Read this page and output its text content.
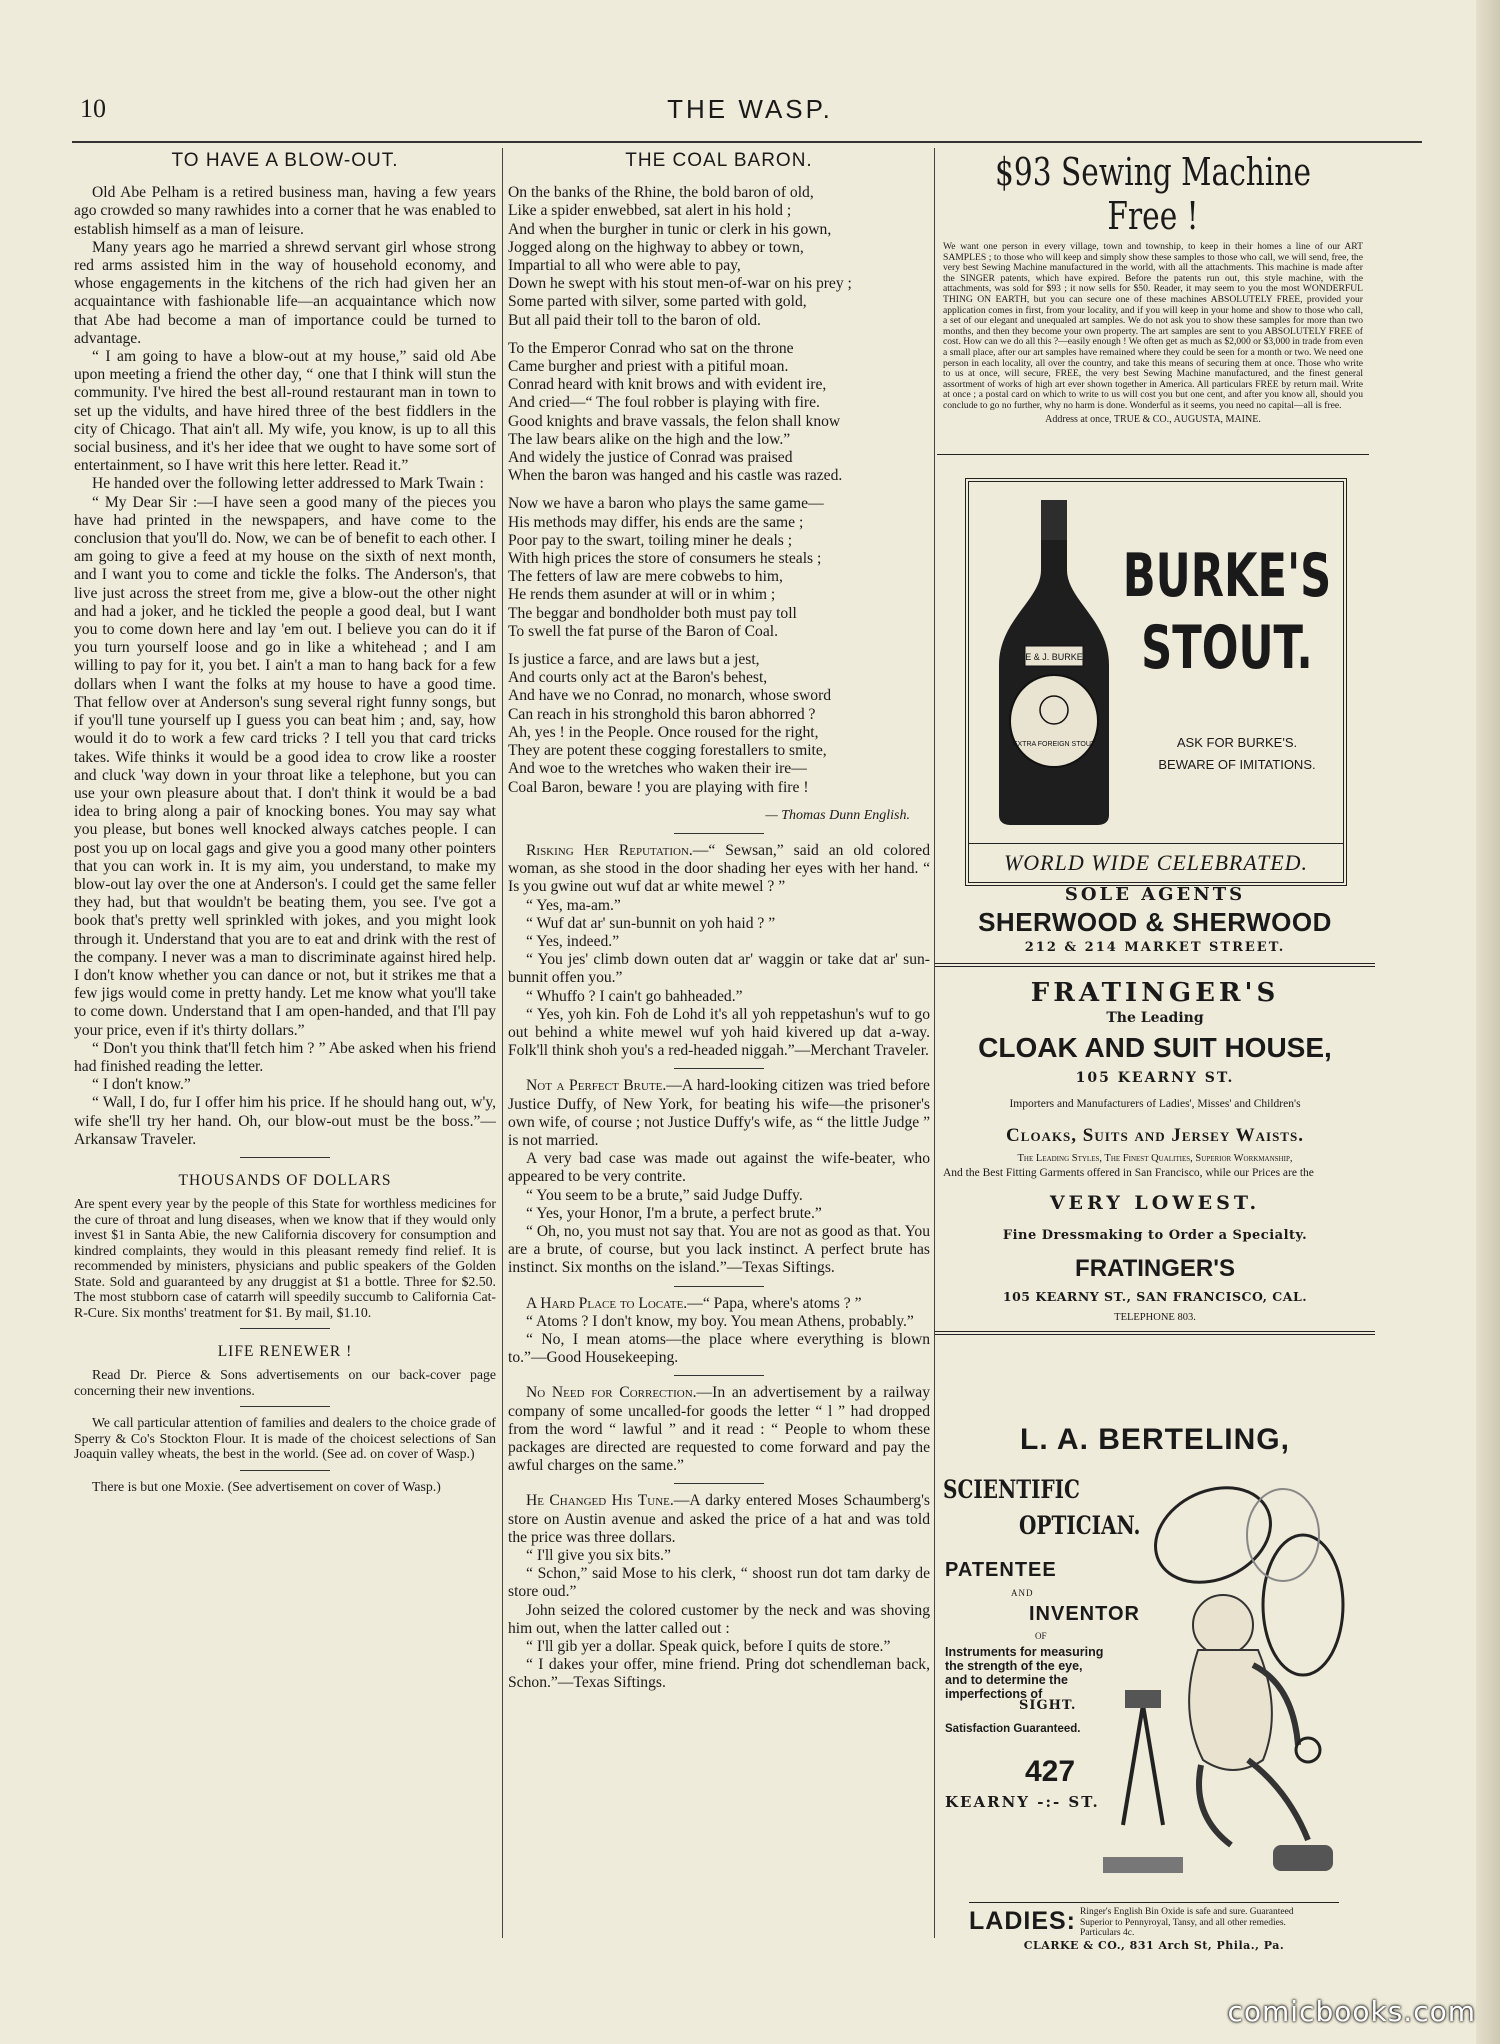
THE WASP.
10
TO HAVE A BLOW-OUT.

Old Abe Pelham is a retired business man, having a few years ago crowded so many rawhides into a corner that he was enabled to establish himself as a man of leisure.

Many years ago he married a shrewd servant girl whose strong red arms assisted him in the way of household economy, and whose engagements in the kitchens of the rich had given her an acquaintance with fashionable life—an acquaintance which now that Abe had become a man of importance could be turned to advantage.

“ I am going to have a blow-out at my house,” said old Abe upon meeting a friend the other day, “ one that I think will stun the community. I've hired the best all-round restaurant man in town to set up the vidults, and have hired three of the best fiddlers in the city of Chicago. That ain't all. My wife, you know, is up to all this social business, and it's her idee that we ought to have some sort of entertainment, so I have writ this here letter. Read it.”

He handed over the following letter addressed to Mark Twain :

“ My Dear Sir :—I have seen a good many of the pieces you have had printed in the newspapers, and have come to the conclusion that you'll do. Now, we can be of benefit to each other. I am going to give a feed at my house on the sixth of next month, and I want you to come and tickle the folks. The Anderson's, that live just across the street from me, give a blow-out the other night and had a joker, and he tickled the people a good deal, but I want you to come down here and lay 'em out. I believe you can do it if you turn yourself loose and go in like a whitehead ; and I am willing to pay for it, you bet. I ain't a man to hang back for a few dollars when I want the folks at my house to have a good time. That fellow over at Anderson's sung several right funny songs, but if you'll tune yourself up I guess you can beat him ; and, say, how would it do to work a few card tricks ? I tell you that card tricks takes. Wife thinks it would be a good idea to crow like a rooster and cluck 'way down in your throat like a telephone, but you can use your own pleasure about that. I don't think it would be a bad idea to bring along a pair of knocking bones. You may say what you please, but bones well knocked always catches people. I can post you up on local gags and give you a good many other pointers that you can work in. It is my aim, you understand, to make my blow-out lay over the one at Anderson's. I could get the same feller they had, but that wouldn't be beating them, you see. I've got a book that's pretty well sprinkled with jokes, and you might look through it. Understand that you are to eat and drink with the rest of the company. I never was a man to discriminate against hired help. I don't know whether you can dance or not, but it strikes me that a few jigs would come in pretty handy. Let me know what you'll take to come down. Understand that I am open-handed, and that I'll pay your price, even if it's thirty dollars.”

“ Don't you think that'll fetch him ? ” Abe asked when his friend had finished reading the letter.

“ I don't know.”

“ Wall, I do, fur I offer him his price. If he should hang out, w'y, wife she'll try her hand. Oh, our blow-out must be the boss.”—Arkansaw Traveler.

THOUSANDS OF DOLLARS

Are spent every year by the people of this State for worthless medicines for the cure of throat and lung diseases, when we know that if they would only invest $1 in Santa Abie, the new California discovery for consumption and kindred complaints, they would in this pleasant remedy find relief. It is recommended by ministers, physicians and public speakers of the Golden State. Sold and guaranteed by any druggist at $1 a bottle. Three for $2.50. The most stubborn case of catarrh will speedily succumb to California Cat-R-Cure. Six months' treatment for $1. By mail, $1.10.

LIFE RENEWER !

Read Dr. Pierce & Sons advertisements on our back-cover page concerning their new inventions.

We call particular attention of families and dealers to the choice grade of Sperry & Co's Stockton Flour. It is made of the choicest selections of San Joaquin valley wheats, the best in the world. (See ad. on cover of Wasp.)

There is but one Moxie. (See advertisement on cover of Wasp.)

THE COAL BARON.

On the banks of the Rhine, the bold baron of old,

Like a spider enwebbed, sat alert in his hold ;

And when the burgher in tunic or clerk in his gown,

Jogged along on the highway to abbey or town,

Impartial to all who were able to pay,

Down he swept with his stout men-of-war on his prey ;

Some parted with silver, some parted with gold,

But all paid their toll to the baron of old.

To the Emperor Conrad who sat on the throne

Came burgher and priest with a pitiful moan.

Conrad heard with knit brows and with evident ire,

And cried—“ The foul robber is playing with fire.

Good knights and brave vassals, the felon shall know

The law bears alike on the high and the low.”

And widely the justice of Conrad was praised

When the baron was hanged and his castle was razed.

Now we have a baron who plays the same game—

His methods may differ, his ends are the same ;

Poor pay to the swart, toiling miner he deals ;

With high prices the store of consumers he steals ;

The fetters of law are mere cobwebs to him,

He rends them asunder at will or in whim ;

The beggar and bondholder both must pay toll

To swell the fat purse of the Baron of Coal.

Is justice a farce, and are laws but a jest,

And courts only act at the Baron's behest,

And have we no Conrad, no monarch, whose sword

Can reach in his stronghold this baron abhorred ?

Ah, yes ! in the People. Once roused for the right,

They are potent these cogging forestallers to smite,

And woe to the wretches who waken their ire—

Coal Baron, beware ! you are playing with fire !

— Thomas Dunn English.

Risking Her Reputation.—“ Sewsan,” said an old colored woman, as she stood in the door shading her eyes with her hand. “ Is you gwine out wuf dat ar white mewel ? ”

“ Yes, ma-am.”

“ Wuf dat ar' sun-bunnit on yoh haid ? ”

“ Yes, indeed.”

“ You jes' climb down outen dat ar' waggin or take dat ar' sun-bunnit offen you.”

“ Whuffo ? I cain't go bahheaded.”

“ Yes, yoh kin. Foh de Lohd it's all yoh reppetashun's wuf to go out behind a white mewel wuf yoh haid kivered up dat a-way. Folk'll think shoh you's a red-headed niggah.”—Merchant Traveler.

Not a Perfect Brute.—A hard-looking citizen was tried before Justice Duffy, of New York, for beating his wife—the prisoner's own wife, of course ; not Justice Duffy's wife, as “ the little Judge ” is not married.

A very bad case was made out against the wife-beater, who appeared to be very contrite.

“ You seem to be a brute,” said Judge Duffy.

“ Yes, your Honor, I'm a brute, a perfect brute.”

“ Oh, no, you must not say that. You are not as good as that. You are a brute, of course, but you lack instinct. A perfect brute has instinct. Six months on the island.”—Texas Siftings.

A Hard Place to Locate.—“ Papa, where's atoms ? ”

“ Atoms ? I don't know, my boy. You mean Athens, probably.”

“ No, I mean atoms—the place where everything is blown to.”—Good Housekeeping.

No Need for Correction.—In an advertisement by a railway company of some uncalled-for goods the letter “ l ” had dropped from the word “ lawful ” and it read : “ People to whom these packages are directed are requested to come forward and pay the awful charges on the same.”

He Changed His Tune.—A darky entered Moses Schaumberg's store on Austin avenue and asked the price of a hat and was told the price was three dollars.

“ I'll give you six bits.”

“ Schon,” said Mose to his clerk, “ shoost run dot tam darky de store oud.”

John seized the colored customer by the neck and was shoving him out, when the latter called out :

“ I'll gib yer a dollar. Speak quick, before I quits de store.”

“ I dakes your offer, mine friend. Pring dot schendleman back, Schon.”—Texas Siftings.

$93 Sewing Machine Free !
We want one person in every village, town and township, to keep in their homes a line of our ART SAMPLES ; to those who will keep and simply show these samples to those who call, we will send, free, the very best Sewing Machine manufactured in the world, with all the attachments. This machine is made after the SINGER patents, which have expired. Before the patents run out, this style machine, with the attachments, was sold for $93 ; it now sells for $50. Reader, it may seem to you the most WONDERFUL THING ON EARTH, but you can secure one of these machines ABSOLUTELY FREE, provided your application comes in first, from your locality, and if you will keep in your home and show to those who call, a set of our elegant and unequaled art samples. We do not ask you to show these samples for more than two months, and then they become your own property. The art samples are sent to you ABSOLUTELY FREE of cost. How can we do all this ?—easily enough ! We often get as much as $2,000 or $3,000 in trade from even a small place, after our art samples have remained where they could be seen for a month or two. We need one person in each locality, all over the country, and take this means of securing them at once. Those who write to us at once, will secure, FREE, the very best Sewing Machine manufactured, and the finest general assortment of works of high art ever shown together in America. All particulars FREE by return mail. Write at once ; a postal card on which to write to us will cost you but one cent, and after you know all, should you conclude to go no further, why no harm is done. Wonderful as it seems, you need no capital—all is free.
Address at once, TRUE & CO., AUGUSTA, MAINE.
E & J. BURKE
EXTRA FOREIGN STOUT
BURKE'S
STOUT.
ASK FOR BURKE'S.
BEWARE OF IMITATIONS.
WORLD WIDE CELEBRATED.
SOLE AGENTS
SHERWOOD & SHERWOOD
212 & 214 MARKET STREET.
FRATINGER'S
The Leading
CLOAK AND SUIT HOUSE,
105 KEARNY ST.
Importers and Manufacturers of Ladies', Misses' and Children's
Cloaks, Suits and Jersey Waists.
The Leading Styles, The Finest Qualities, Superior Workmanship,
And the Best Fitting Garments offered in San Francisco, while our Prices are the
VERY LOWEST.
Fine Dressmaking to Order a Specialty.
FRATINGER'S
105 KEARNY ST., SAN FRANCISCO, CAL.
TELEPHONE 803.
L. A. BERTELING,
SCIENTIFIC
OPTICIAN.
PATENTEE
AND
INVENTOR
OF
Instruments for measuring the strength of the eye, and to determine the imperfections of
SIGHT.
Satisfaction Guaranteed.
427
KEARNY -:- ST.
LADIES: Ringer's English Bin Oxide is safe and sure. Guaranteed Superior to Pennyroyal, Tansy, and all other remedies. Particulars 4c.
CLARKE & CO., 831 Arch St, Phila., Pa.
comicbooks.com
